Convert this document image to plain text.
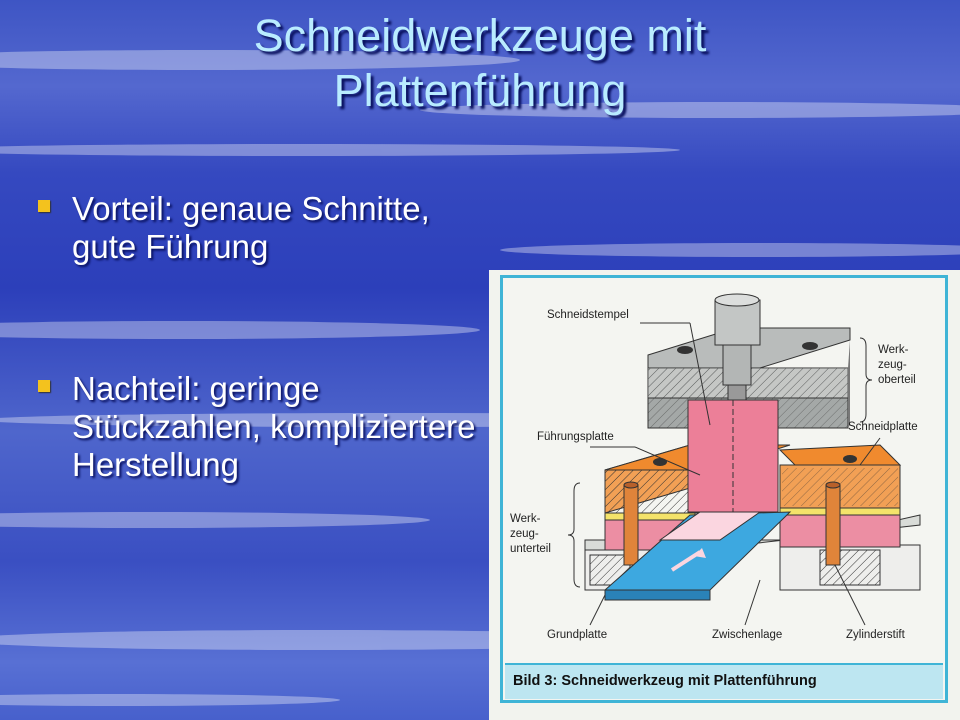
Schneidwerkzeuge mit
Plattenführung
Vorteil: genaue Schnitte, gute Führung
Nachteil: geringe Stückzahlen, kompliziertere Herstellung
Schneidstempel
Werk-
zeug-
oberteil
Führungsplatte
Schneidplatte
Werk-
zeug-
unterteil
Grundplatte	Zwischenlage	Zylinderstift
Bild 3: Schneidwerkzeug mit Plattenführung
